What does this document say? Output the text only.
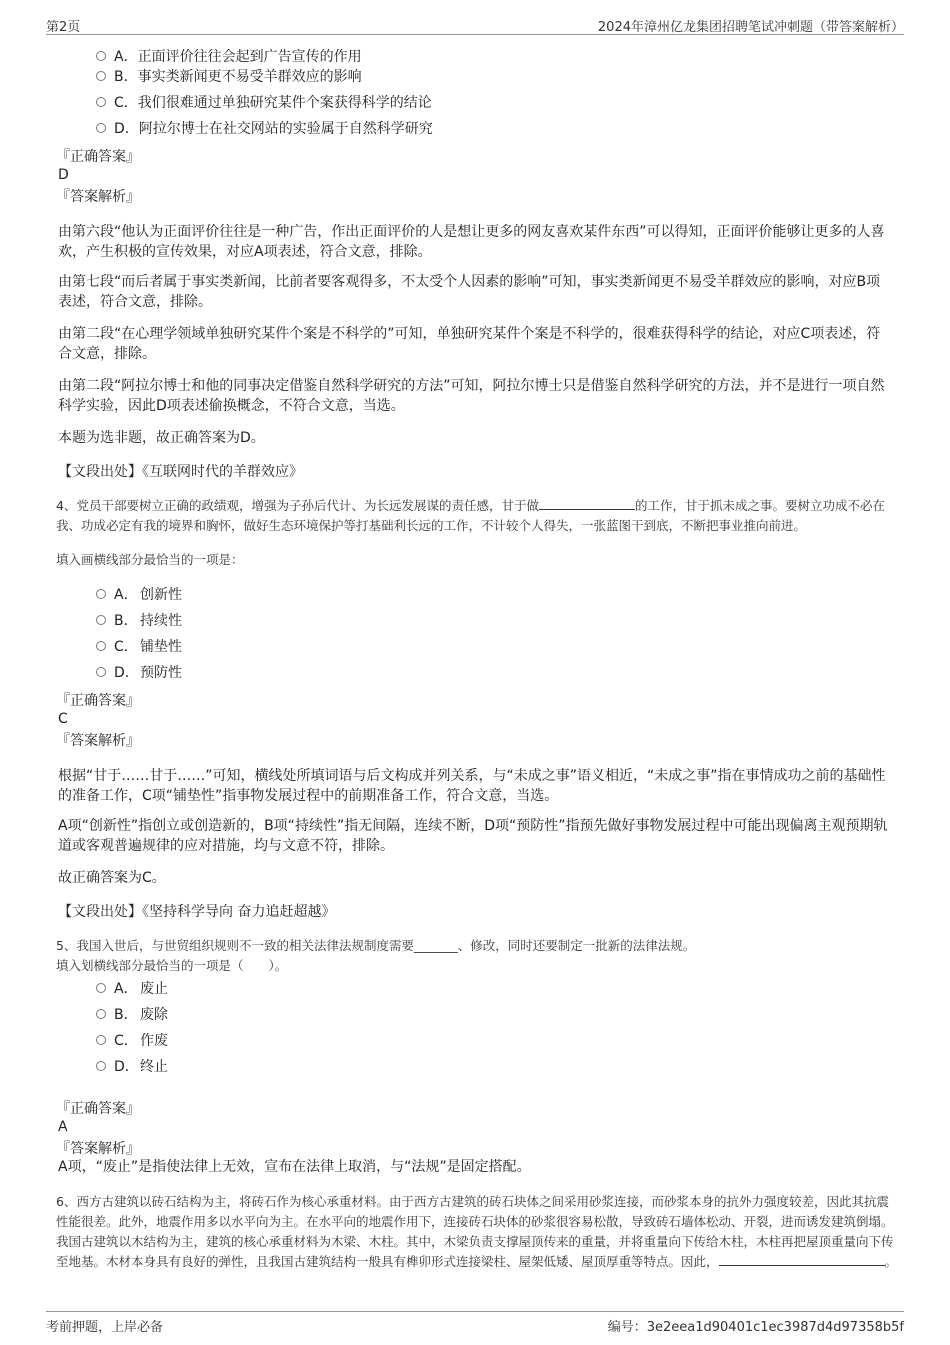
第2页	2024年漳州亿龙集团招聘笔试冲刺题（带答案解析）
A．正面评价往往会起到广告宣传的作用
B．事实类新闻更不易受羊群效应的影响
C．我们很难通过单独研究某件个案获得科学的结论
D．阿拉尔博士在社交网站的实验属于自然科学研究
『正确答案』
D
『答案解析』
由第六段“他认为正面评价往往是一种广告，作出正面评价的人是想让更多的网友喜欢某件东西”可以得知，正面评价能够让更多的人喜欢，产生积极的宣传效果，对应A项表述，符合文意，排除。
由第七段“而后者属于事实类新闻，比前者要客观得多，不太受个人因素的影响”可知，事实类新闻更不易受羊群效应的影响，对应B项表述，符合文意，排除。
由第二段“在心理学领域单独研究某件个案是不科学的”可知，单独研究某件个案是不科学的，很难获得科学的结论，对应C项表述，符合文意，排除。
由第二段“阿拉尔博士和他的同事决定借鉴自然科学研究的方法”可知，阿拉尔博士只是借鉴自然科学研究的方法，并不是进行一项自然科学实验，因此D项表述偷换概念，不符合文意，当选。
本题为选非题，故正确答案为D。
【文段出处】《互联网时代的羊群效应》
4、党员干部要树立正确的政绩观，增强为子孙后代计、为长远发展谋的责任感，甘于做	的工作，甘于抓未成之事。要树立功成不必在我、功成必定有我的境界和胸怀，做好生态环境保护等打基础利长远的工作，不计较个人得失，一张蓝图干到底，不断把事业推向前进。
填入画横线部分最恰当的一项是：
A． 创新性
B． 持续性
C． 铺垫性
D．预防性
『正确答案』
C
『答案解析』
根据“甘于……甘于……”可知，横线处所填词语与后文构成并列关系，与“未成之事”语义相近，“未成之事”指在事情成功之前的基础性的准备工作，C项“铺垫性”指事物发展过程中的前期准备工作，符合文意，当选。
A项“创新性”指创立或创造新的，B项“持续性”指无间隔，连续不断，D项“预防性”指预先做好事物发展过程中可能出现偏离主观预期轨道或客观普遍规律的应对措施，均与文意不符，排除。
故正确答案为C。
【文段出处】《坚持科学导向 奋力追赶超越》
5、我国入世后，与世贸组织规则不一致的相关法律法规制度需要_______、修改，同时还要制定一批新的法律法规。
填入划横线部分最恰当的一项是（　　）。
A． 废止
B． 废除
C． 作废
D．终止
『正确答案』
A
『答案解析』
A项，“废止”是指使法律上无效，宣布在法律上取消，与“法规”是固定搭配。
6、西方古建筑以砖石结构为主，将砖石作为核心承重材料。由于西方古建筑的砖石块体之间采用砂浆连接，而砂浆本身的抗外力强度较差，因此其抗震性能很差。此外，地震作用多以水平向为主。在水平向的地震作用下，连接砖石块体的砂浆很容易松散，导致砖石墙体松动、开裂，进而诱发建筑倒塌。我国古建筑以木结构为主，建筑的核心承重材料为木梁、木柱。其中，木梁负责支撑屋顶传来的重量，并将重量向下传给木柱，木柱再把屋顶重量向下传至地基。木材本身具有良好的弹性，且我国古建筑结构一般具有榫卯形式连接梁柱、屋架低矮、屋顶厚重等特点。因此，	。
考前押题，上岸必备	编号：3e2eea1d90401c1ec3987d4d97358b5f
